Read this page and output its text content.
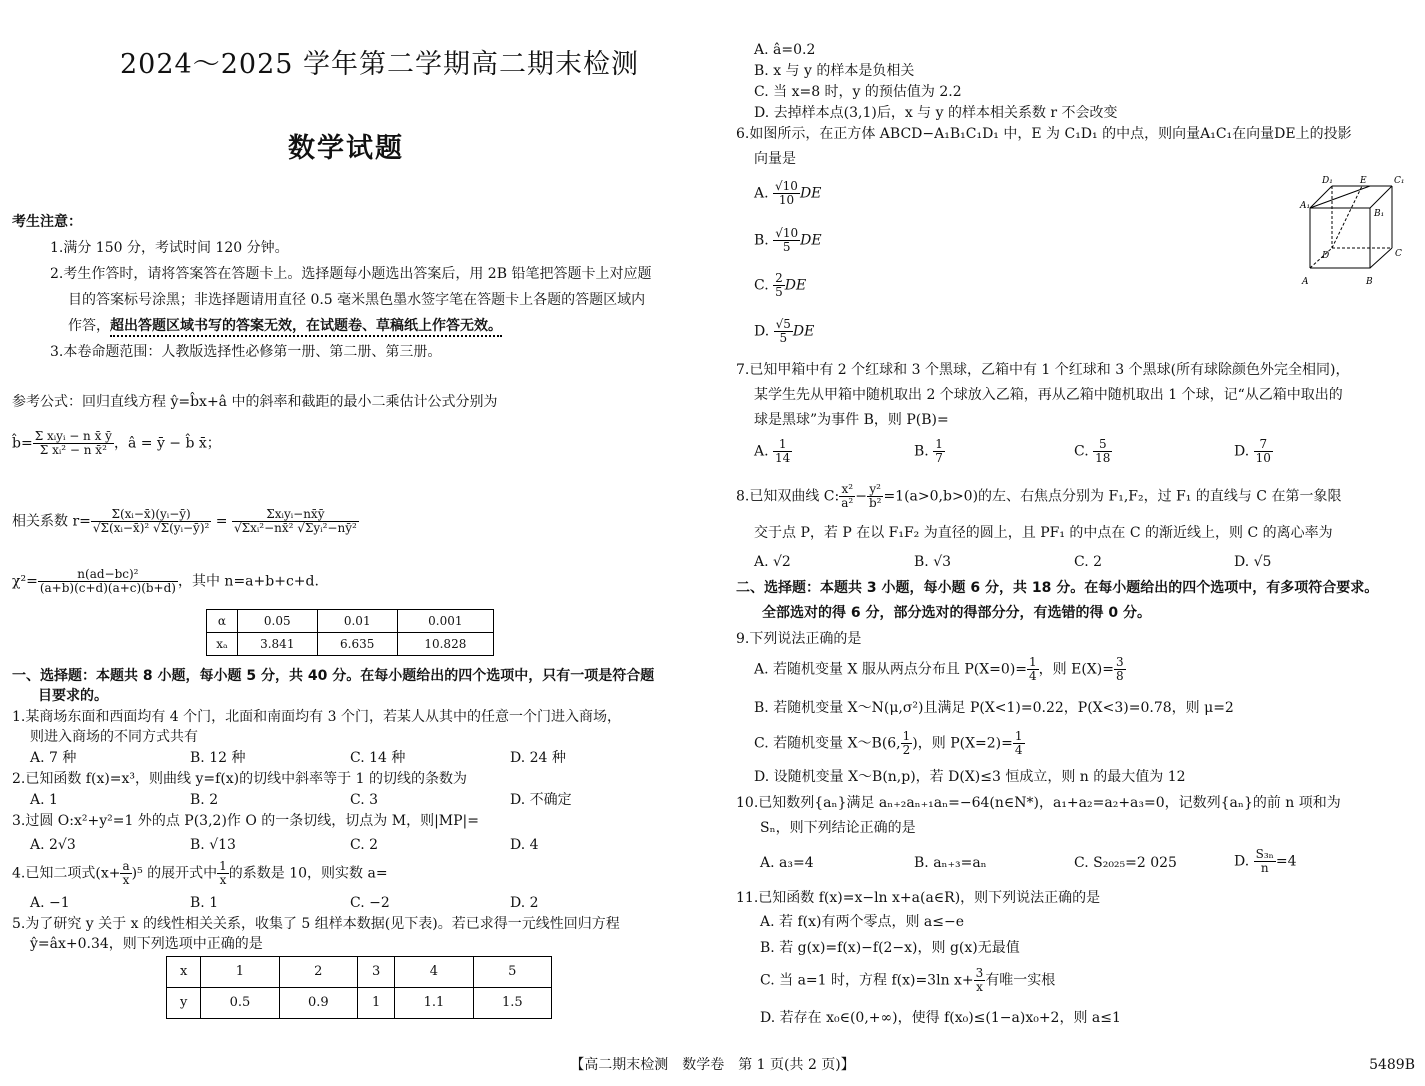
2024～2025 学年第二学期高二期末检测
数学试题
考生注意：
1.满分 150 分，考试时间 120 分钟。
2.考生作答时，请将答案答在答题卡上。选择题每小题选出答案后，用 2B 铅笔把答题卡上对应题
目的答案标号涂黑；非选择题请用直径 0.5 毫米黑色墨水签字笔在答题卡上各题的答题区域内
作答，超出答题区域书写的答案无效，在试题卷、草稿纸上作答无效。
3.本卷命题范围：人教版选择性必修第一册、第二册、第三册。
参考公式：回归直线方程 ŷ=b̂x+â 中的斜率和截距的最小二乘估计公式分别为
b̂= $\frac{\text{Σ xᵢyᵢ − n x̄ ȳ}}{\text{Σ xᵢ² − n x̄²}}$ ，â = ȳ − b̂ x̄；
相关系数 $r= \frac{\text{Σ(xᵢ−x̄)(yᵢ−ȳ)}}{\text{√Σ(xᵢ−x̄)² √Σ(yᵢ−ȳ)²}} = \frac{\text{Σxᵢyᵢ−nx̄ȳ}}{\text{√Σxᵢ²−nx̄² √Σyᵢ²−nȳ²}}$
$\chi^2= \frac{\text{n(ad−bc)²}}{(a+b)(c+d)(a+c)(b+d)}$ ，其中 n=a+b+c+d.
α	0.05	0.01	0.001
xₐ	3.841	6.635	10.828
一、选择题：本题共 8 小题，每小题 5 分，共 40 分。在每小题给出的四个选项中，只有一项是符合题
目要求的。
1.某商场东面和西面均有 4 个门，北面和南面均有 3 个门，若某人从其中的任意一个门进入商场，
则进入商场的不同方式共有
A. 7 种	B. 12 种	C. 14 种	D. 24 种
2.已知函数 f(x)=x³，则曲线 y=f(x)的切线中斜率等于 1 的切线的条数为
A. 1	B. 2	C. 3	D. 不确定
3.过圆 O:x²+y²=1 外的点 P(3,2)作 O 的一条切线，切点为 M，则|MP|=
A. 2√3	B. √13	C. 2	D. 4
4.已知二项式$(x+ \frac{a}{x} )^5$ 的展开式中 $\frac{1}{x}$ 的系数是 10，则实数 a=
A. −1	B. 1	C. −2	D. 2
5.为了研究 y 关于 x 的线性相关关系，收集了 5 组样本数据(见下表)。若已求得一元线性回归方程
ŷ=âx+0.34，则下列选项中正确的是
x	1	2	3	4	5
y	0.5	0.9	1	1.1	1.5
A. â=0.2
B. x 与 y 的样本是负相关
C. 当 x=8 时，y 的预估值为 2.2
D. 去掉样本点(3,1)后，x 与 y 的样本相关系数 r 不会改变
6.如图所示，在正方体 ABCD−A₁B₁C₁D₁ 中，E 为 C₁D₁ 的中点，则向量A₁C₁在向量DE上的投影
向量是
A. $\frac{√10}{10}$ DE
B. $\frac{√10}{5}$ DE
C. $\frac{2}{5}$ DE
D. $\frac{√5}{5}$ DE
D₁	E	C₁
A₁
B₁
D	C
A	B
7.已知甲箱中有 2 个红球和 3 个黑球，乙箱中有 1 个红球和 3 个黑球(所有球除颜色外完全相同)，
某学生先从甲箱中随机取出 2 个球放入乙箱，再从乙箱中随机取出 1 个球，记“从乙箱中取出的
球是黑球”为事件 B，则 P(B)=
A. $\frac{1}{14}$	B. $\frac{1}{7}$	C. $\frac{5}{18}$	D. $\frac{7}{10}$
8.已知双曲线 C: $\frac{\text{x²}}{\text{a²}} - \frac{\text{y²}}{\text{b²}} =1(a>0,b>0)$的左、右焦点分别为 F₁,F₂，过 F₁ 的直线与 C 在第一象限
交于点 P，若 P 在以 F₁F₂ 为直径的圆上，且 PF₁ 的中点在 C 的渐近线上，则 C 的离心率为
A. √2	B. √3	C. 2	D. √5
二、选择题：本题共 3 小题，每小题 6 分，共 18 分。在每小题给出的四个选项中，有多项符合要求。
全部选对的得 6 分，部分选对的得部分分，有选错的得 0 分。
9.下列说法正确的是
A. 若随机变量 X 服从两点分布且 $P(X=0)= \frac{1}{4}$ ，则 $E(X)= \frac{3}{8}$
B. 若随机变量 X～N(μ,σ²)且满足 P(X<1)=0.22，P(X<3)=0.78，则 μ=2
C. 若随机变量 X～B(6, $\frac{1}{2}$ )，则 $P(X=2)= \frac{1}{4}$
D. 设随机变量 X～B(n,p)，若 D(X)≤3 恒成立，则 n 的最大值为 12
10.已知数列{aₙ}满足 aₙ₊₂aₙ₊₁aₙ=−64(n∈N*)，a₁+a₂=a₂+a₃=0，记数列{aₙ}的前 n 项和为
Sₙ，则下列结论正确的是
A. a₃=4	B. aₙ₊₃=aₙ	C. S₂₀₂₅=2 025	D. $\frac{\text{S₃ₙ}}{n} =4$
11.已知函数 f(x)=x−ln x+a(a∈R)，则下列说法正确的是
A. 若 f(x)有两个零点，则 a≤−e
B. 若 g(x)=f(x)−f(2−x)，则 g(x)无最值
C. 当 a=1 时，方程 f(x)=3ln $x+ \frac{3}{x}$ 有唯一实根
D. 若存在 x₀∈(0,+∞)，使得 f(x₀)≤(1−a)x₀+2，则 a≤1
【高二期末检测　数学卷　第 1 页(共 2 页)】	5489B
